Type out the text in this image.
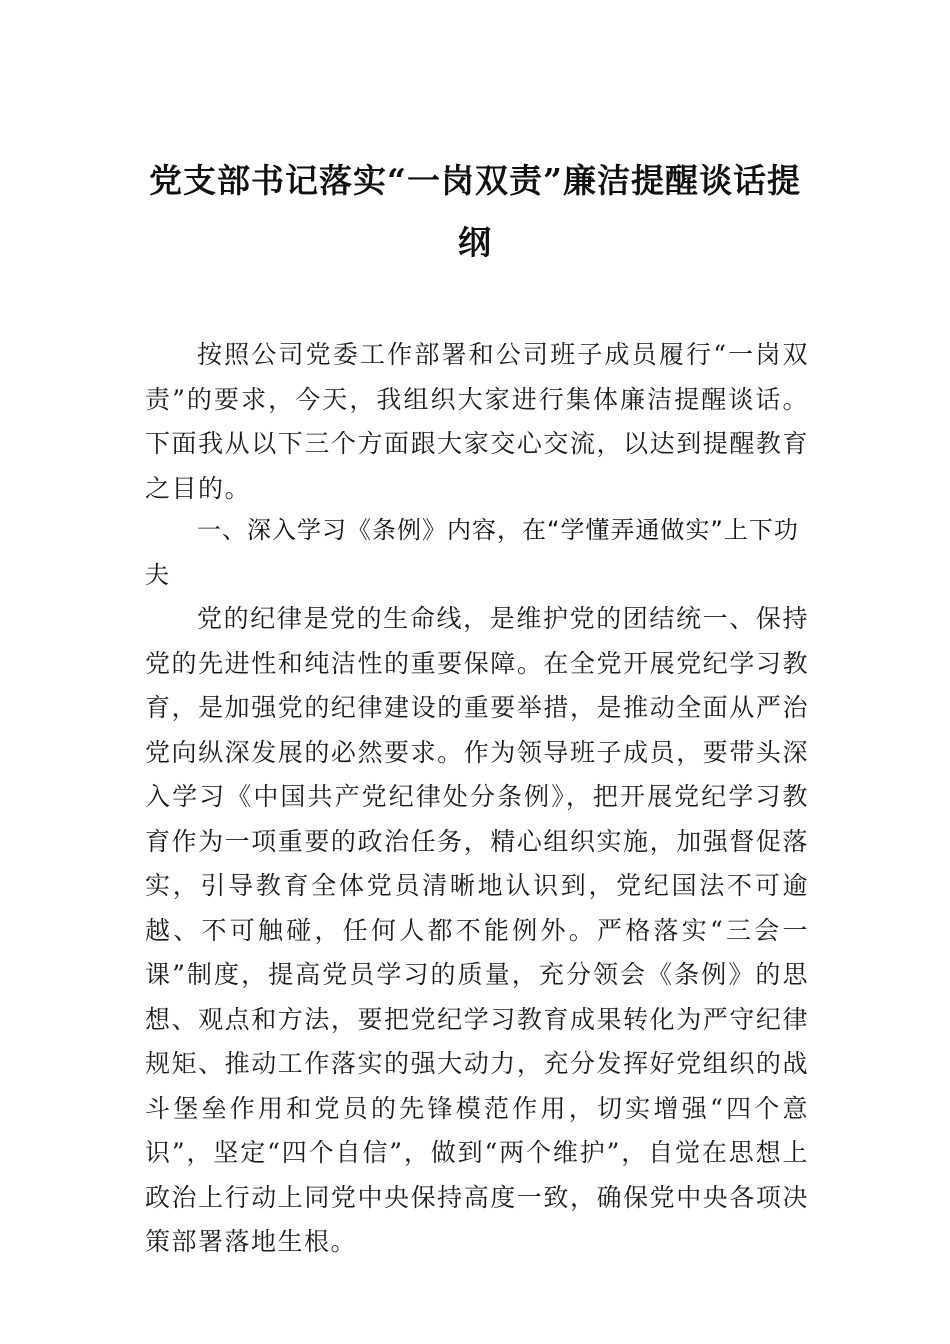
党支部书记落实“一岗双责”廉洁提醒谈话提纲

按照公司党委工作部署和公司班子成员履行“一岗双责”的要求，今天，我组织大家进行集体廉洁提醒谈话。下面我从以下三个方面跟大家交心交流，以达到提醒教育之目的。

一、深入学习《条例》内容，在“学懂弄通做实”上下功夫

党的纪律是党的生命线，是维护党的团结统一、保持党的先进性和纯洁性的重要保障。在全党开展党纪学习教育，是加强党的纪律建设的重要举措，是推动全面从严治党向纵深发展的必然要求。作为领导班子成员，要带头深入学习《中国共产党纪律处分条例》，把开展党纪学习教育作为一项重要的政治任务，精心组织实施，加强督促落实，引导教育全体党员清晰地认识到，党纪国法不可逾越、不可触碰，任何人都不能例外。严格落实“三会一课”制度，提高党员学习的质量，充分领会《条例》的思想、观点和方法，要把党纪学习教育成果转化为严守纪律规矩、推动工作落实的强大动力，充分发挥好党组织的战斗堡垒作用和党员的先锋模范作用，切实增强“四个意识”，坚定“四个自信”，做到“两个维护”，自觉在思想上政治上行动上同党中央保持高度一致，确保党中央各项决策部署落地生根。
